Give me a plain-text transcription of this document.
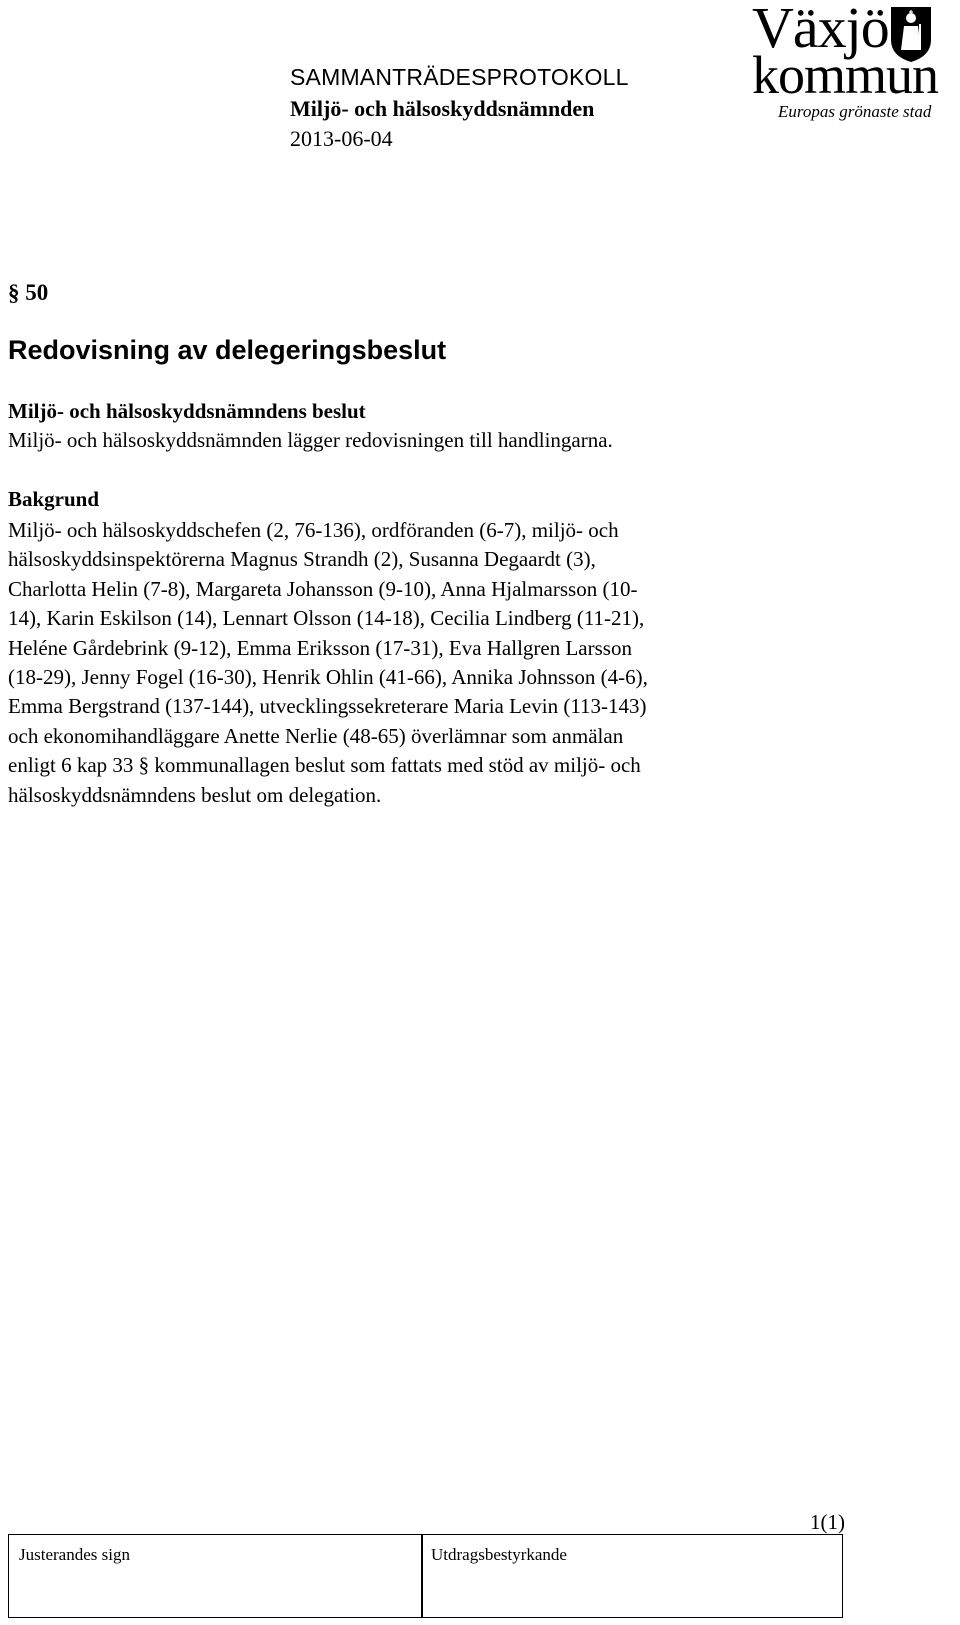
SAMMANTRÄDESPROTOKOLL
Miljö- och hälsoskyddsnämnden
2013-06-04
Växjö
kommun
Europas grönaste stad
§ 50
Redovisning av delegeringsbeslut
Miljö- och hälsoskyddsnämndens beslut
Miljö- och hälsoskyddsnämnden lägger redovisningen till handlingarna.
Bakgrund
Miljö- och hälsoskyddschefen (2, 76-136), ordföranden (6-7), miljö- och
hälsoskyddsinspektörerna Magnus Strandh (2), Susanna Degaardt (3),
Charlotta Helin (7-8), Margareta Johansson (9-10), Anna Hjalmarsson (10-
14), Karin Eskilson (14), Lennart Olsson (14-18), Cecilia Lindberg (11-21),
Heléne Gårdebrink (9-12), Emma Eriksson (17-31), Eva Hallgren Larsson
(18-29), Jenny Fogel (16-30), Henrik Ohlin (41-66), Annika Johnsson (4-6),
Emma Bergstrand (137-144), utvecklingssekreterare Maria Levin (113-143)
och ekonomihandläggare Anette Nerlie (48-65) överlämnar som anmälan
enligt 6 kap 33 § kommunallagen beslut som fattats med stöd av miljö- och
hälsoskyddsnämndens beslut om delegation.
1(1)
Justerandes sign	Utdragsbestyrkande
